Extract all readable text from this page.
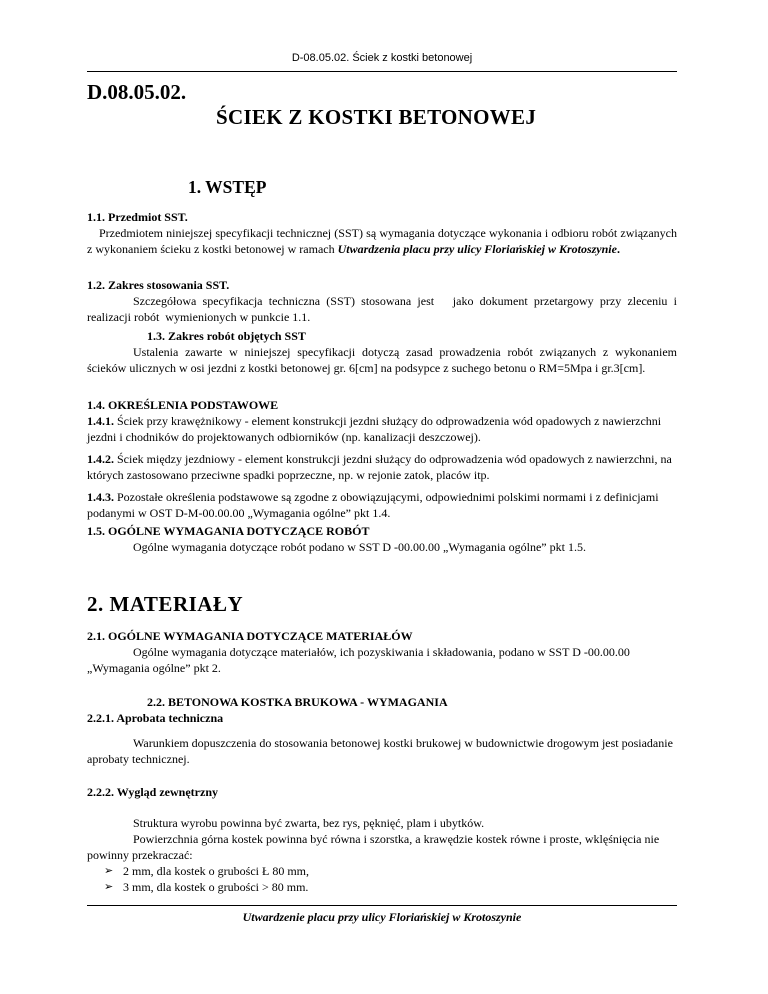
D-08.05.02. Ściek z kostki betonowej
D.08.05.02.
ŚCIEK Z KOSTKI BETONOWEJ
1. WSTĘP

1.1. Przedmiot SST.

Przedmiotem niniejszej specyfikacji technicznej (SST) są wymagania dotyczące wykonania i odbioru robót związanych z wykonaniem ścieku z kostki betonowej w ramach Utwardzenia placu przy ulicy Floriańskiej w Krotoszynie.

1.2. Zakres stosowania SST.

Szczegółowa specyfikacja techniczna (SST) stosowana jest   jako dokument przetargowy przy zleceniu i realizacji robót  wymienionych w punkcie 1.1.

1.3. Zakres robót objętych SST

Ustalenia zawarte w niniejszej specyfikacji dotyczą zasad prowadzenia robót związanych z wykonaniem ścieków ulicznych w osi jezdni z kostki betonowej gr. 6[cm] na podsypce z suchego betonu o RM=5Mpa i gr.3[cm].

1.4. OKREŚLENIA PODSTAWOWE

1.4.1. Ściek przy krawężnikowy - element konstrukcji jezdni służący do odprowadzenia wód opadowych z nawierzchni jezdni i chodników do projektowanych odbiorników (np. kanalizacji deszczowej).

1.4.2. Ściek między jezdniowy - element konstrukcji jezdni służący do odprowadzenia wód opadowych z nawierzchni, na których zastosowano przeciwne spadki poprzeczne, np. w rejonie zatok, placów itp.

1.4.3. Pozostałe określenia podstawowe są zgodne z obowiązującymi, odpowiednimi polskimi normami i z definicjami podanymi w OST D-M-00.00.00 „Wymagania ogólne” pkt 1.4.

1.5. OGÓLNE WYMAGANIA DOTYCZĄCE ROBÓT

Ogólne wymagania dotyczące robót podano w SST D -00.00.00 „Wymagania ogólne” pkt 1.5.

2. MATERIAŁY

2.1. OGÓLNE WYMAGANIA DOTYCZĄCE MATERIAŁÓW

Ogólne wymagania dotyczące materiałów, ich pozyskiwania i składowania, podano w SST D -00.00.00 „Wymagania ogólne” pkt 2.

2.2. BETONOWA KOSTKA BRUKOWA - WYMAGANIA

2.2.1. Aprobata techniczna

Warunkiem dopuszczenia do stosowania betonowej kostki brukowej w budownictwie drogowym jest posiadanie aprobaty technicznej.

2.2.2. Wygląd zewnętrzny

Struktura wyrobu powinna być zwarta, bez rys, pęknięć, plam i ubytków.

Powierzchnia górna kostek powinna być równa i szorstka, a krawędzie kostek równe i proste, wklęśnięcia nie powinny przekraczać:

➢ 2 mm, dla kostek o grubości Ł 80 mm,
➢ 3 mm, dla kostek o grubości > 80 mm.
Utwardzenie placu przy ulicy Floriańskiej w Krotoszynie
